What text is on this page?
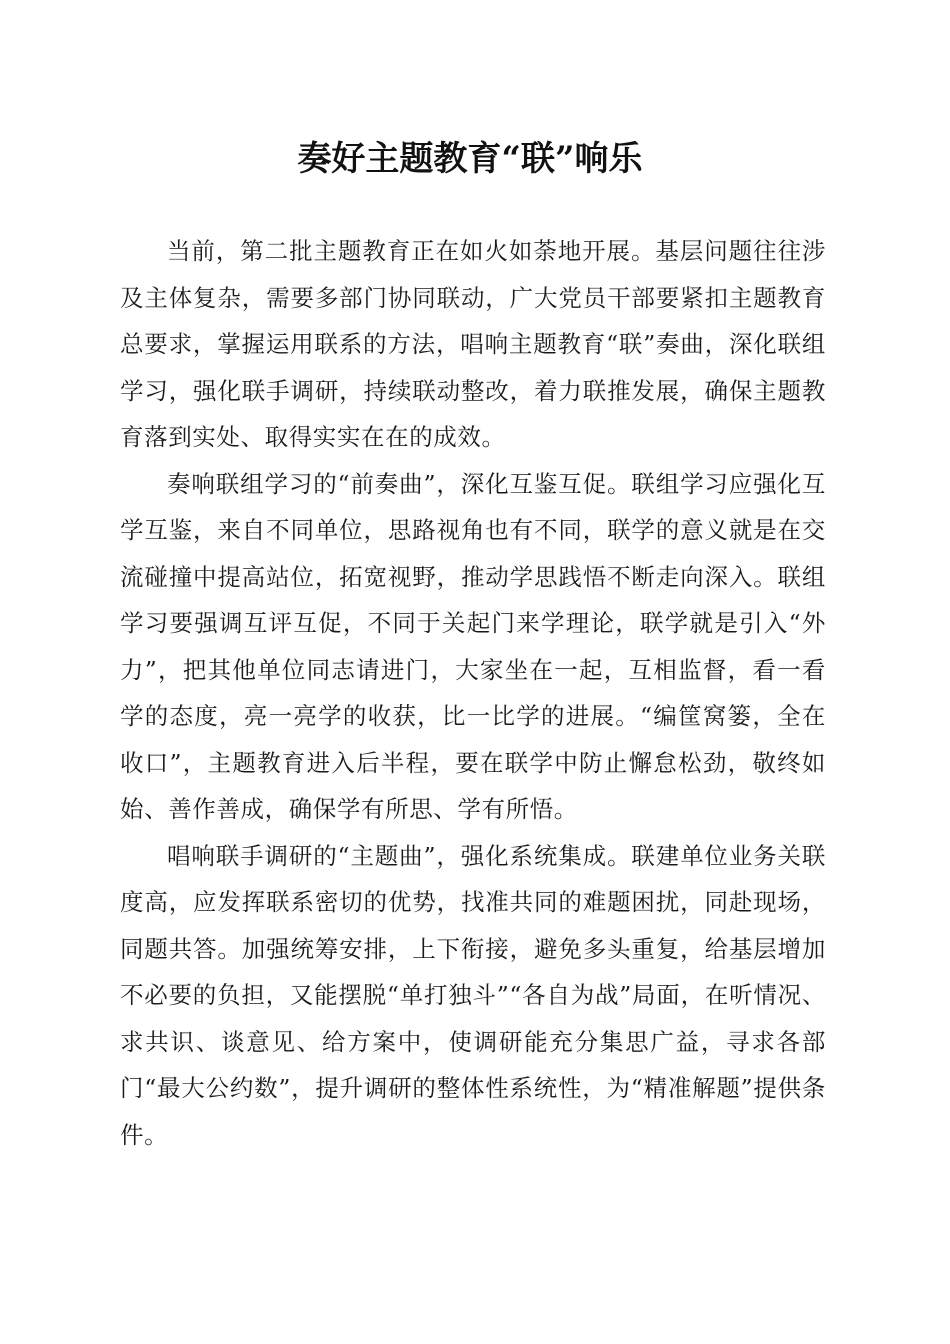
奏好主题教育“联”响乐

当前，第二批主题教育正在如火如荼地开展。基层问题往往涉及主体复杂，需要多部门协同联动，广大党员干部要紧扣主题教育总要求，掌握运用联系的方法，唱响主题教育“联”奏曲，深化联组学习，强化联手调研，持续联动整改，着力联推发展，确保主题教育落到实处、取得实实在在的成效。

奏响联组学习的“前奏曲”，深化互鉴互促。联组学习应强化互学互鉴，来自不同单位，思路视角也有不同，联学的意义就是在交流碰撞中提高站位，拓宽视野，推动学思践悟不断走向深入。联组学习要强调互评互促，不同于关起门来学理论，联学就是引入“外力”，把其他单位同志请进门，大家坐在一起，互相监督，看一看学的态度，亮一亮学的收获，比一比学的进展。“编筐窝篓，全在收口”，主题教育进入后半程，要在联学中防止懈怠松劲，敬终如始、善作善成，确保学有所思、学有所悟。

唱响联手调研的“主题曲”，强化系统集成。联建单位业务关联度高，应发挥联系密切的优势，找准共同的难题困扰，同赴现场，同题共答。加强统筹安排，上下衔接，避免多头重复，给基层增加不必要的负担，又能摆脱“单打独斗”“各自为战”局面，在听情况、求共识、谈意见、给方案中，使调研能充分集思广益，寻求各部门“最大公约数”，提升调研的整体性系统性，为“精准解题”提供条件。
